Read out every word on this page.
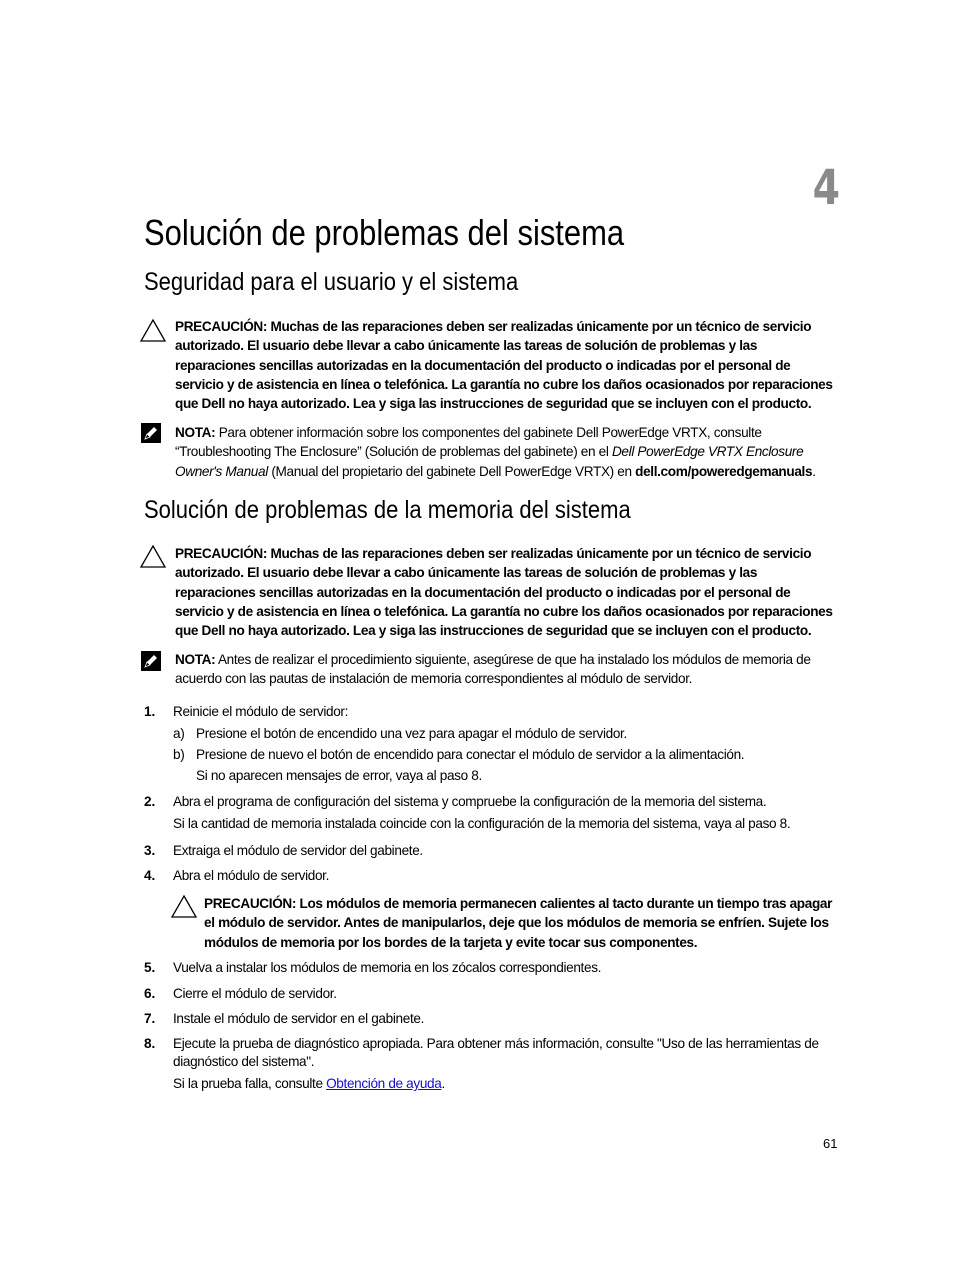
4
Solución de problemas del sistema
Seguridad para el usuario y el sistema
PRECAUCIÓN: Muchas de las reparaciones deben ser realizadas únicamente por un técnico de servicio autorizado. El usuario debe llevar a cabo únicamente las tareas de solución de problemas y las reparaciones sencillas autorizadas en la documentación del producto o indicadas por el personal de servicio y de asistencia en línea o telefónica. La garantía no cubre los daños ocasionados por reparaciones que Dell no haya autorizado. Lea y siga las instrucciones de seguridad que se incluyen con el producto.
NOTA: Para obtener información sobre los componentes del gabinete Dell PowerEdge VRTX, consulte “Troubleshooting The Enclosure” (Solución de problemas del gabinete) en el Dell PowerEdge VRTX Enclosure Owner's Manual (Manual del propietario del gabinete Dell PowerEdge VRTX) en dell.com/poweredgemanuals.
Solución de problemas de la memoria del sistema
PRECAUCIÓN: Muchas de las reparaciones deben ser realizadas únicamente por un técnico de servicio autorizado. El usuario debe llevar a cabo únicamente las tareas de solución de problemas y las reparaciones sencillas autorizadas en la documentación del producto o indicadas por el personal de servicio y de asistencia en línea o telefónica. La garantía no cubre los daños ocasionados por reparaciones que Dell no haya autorizado. Lea y siga las instrucciones de seguridad que se incluyen con el producto.
NOTA: Antes de realizar el procedimiento siguiente, asegúrese de que ha instalado los módulos de memoria de acuerdo con las pautas de instalación de memoria correspondientes al módulo de servidor.
1. Reinicie el módulo de servidor:
a) Presione el botón de encendido una vez para apagar el módulo de servidor.
b) Presione de nuevo el botón de encendido para conectar el módulo de servidor a la alimentación.
Si no aparecen mensajes de error, vaya al paso 8.
2. Abra el programa de configuración del sistema y compruebe la configuración de la memoria del sistema.
Si la cantidad de memoria instalada coincide con la configuración de la memoria del sistema, vaya al paso 8.
3. Extraiga el módulo de servidor del gabinete.
4. Abra el módulo de servidor.
PRECAUCIÓN: Los módulos de memoria permanecen calientes al tacto durante un tiempo tras apagar el módulo de servidor. Antes de manipularlos, deje que los módulos de memoria se enfríen. Sujete los módulos de memoria por los bordes de la tarjeta y evite tocar sus componentes.
5. Vuelva a instalar los módulos de memoria en los zócalos correspondientes.
6. Cierre el módulo de servidor.
7. Instale el módulo de servidor en el gabinete.
8. Ejecute la prueba de diagnóstico apropiada. Para obtener más información, consulte "Uso de las herramientas de diagnóstico del sistema".
Si la prueba falla, consulte Obtención de ayuda.
61
